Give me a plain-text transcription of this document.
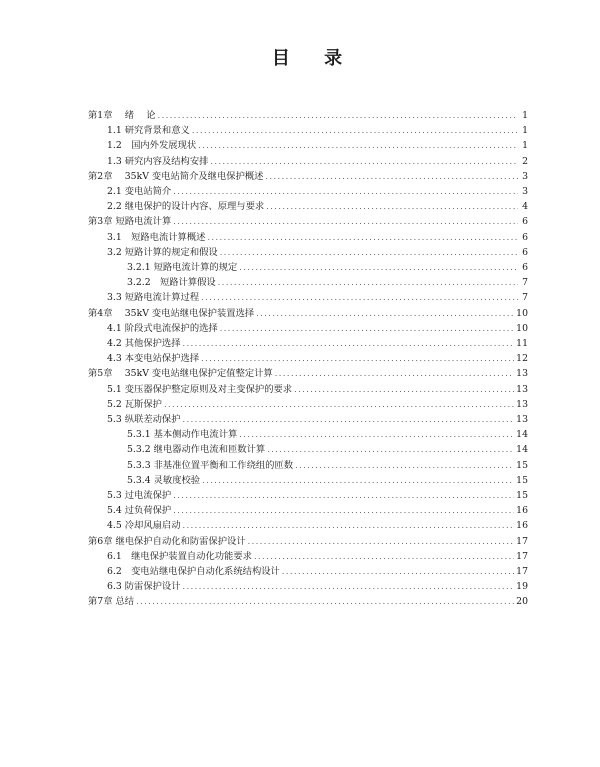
目 录
第1章　 绪　 论 .....	1
1.1 研究背景和意义 .....	1
1.2　国内外发展现状 .....	1
1.3 研究内容及结构安排 .....	2
第2章　 35kV 变电站简介及继电保护概述 .....	3
2.1 变电站简介 .....	3
2.2 继电保护的设计内容、原理与要求 .....	4
第3章 短路电流计算 .....	6
3.1　短路电流计算概述 .....	6
3.2 短路计算的规定和假设 .....	6
3.2.1 短路电流计算的规定 .....	6
3.2.2　短路计算假设 .....	7
3.3 短路电流计算过程 .....	7
第4章　 35kV 变电站继电保护装置选择 .....	10
4.1 阶段式电流保护的选择 .....	10
4.2 其他保护选择 .....	11
4.3 本变电站保护选择 .....	12
第5章　 35kV 变电站继电保护定值整定计算 .....	13
5.1 变压器保护整定原则及对主变保护的要求 .....	13
5.2 瓦斯保护 .....	13
5.3 纵联差动保护 .....	13
5.3.1 基本侧动作电流计算 .....	14
5.3.2 继电器动作电流和匝数计算 .....	14
5.3.3 非基准位置平衡和工作绕组的匝数 .....	15
5.3.4 灵敏度校验 .....	15
5.3 过电流保护 .....	15
5.4 过负荷保护 .....	16
4.5 冷却风扇启动 .....	16
第6章 继电保护自动化和防雷保护设计 .....	17
6.1　继电保护装置自动化功能要求 .....	17
6.2　变电站继电保护自动化系统结构设计 .....	17
6.3 防雷保护设计 .....	19
第7章 总结 .....	20
